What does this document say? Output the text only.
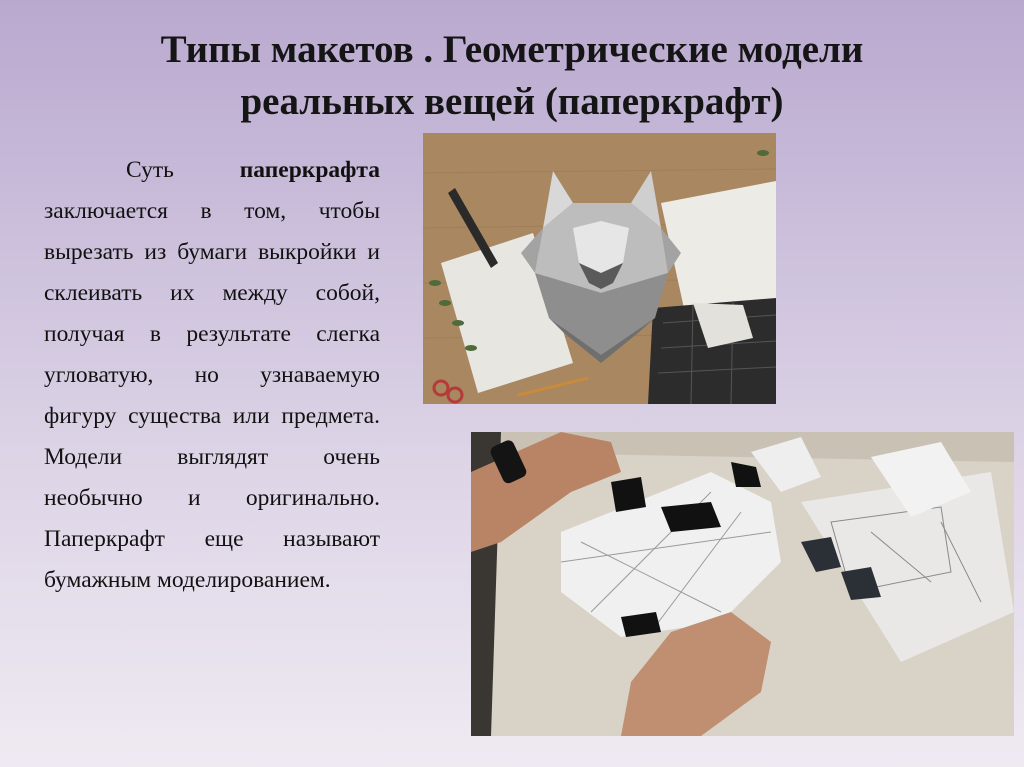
Типы макетов . Геометрические модели
реальных вещей (паперкрафт)

Суть паперкрафта заключается в том, чтобы вырезать из бумаги выкройки и склеивать их между собой, получая в результате слегка угловатую, но узнаваемую фигуру существа или предмета. Модели выглядят очень необычно и оригинально. Паперкрафт еще называют бумажным моделированием.
